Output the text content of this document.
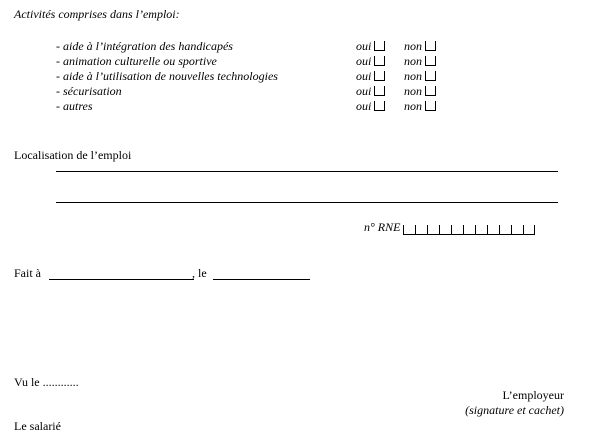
Activités comprises dans l’emploi:
- aide à l’intégration des handicapés	oui	non
- animation culturelle ou sportive	oui	non
- aide à l’utilisation de nouvelles technologies	oui	non
- sécurisation	oui	non
- autres	oui	non
Localisation de l’emploi
n° RNE
Fait à	, le
Vu le ............
L’employeur
(signature et cachet)
Le salarié
